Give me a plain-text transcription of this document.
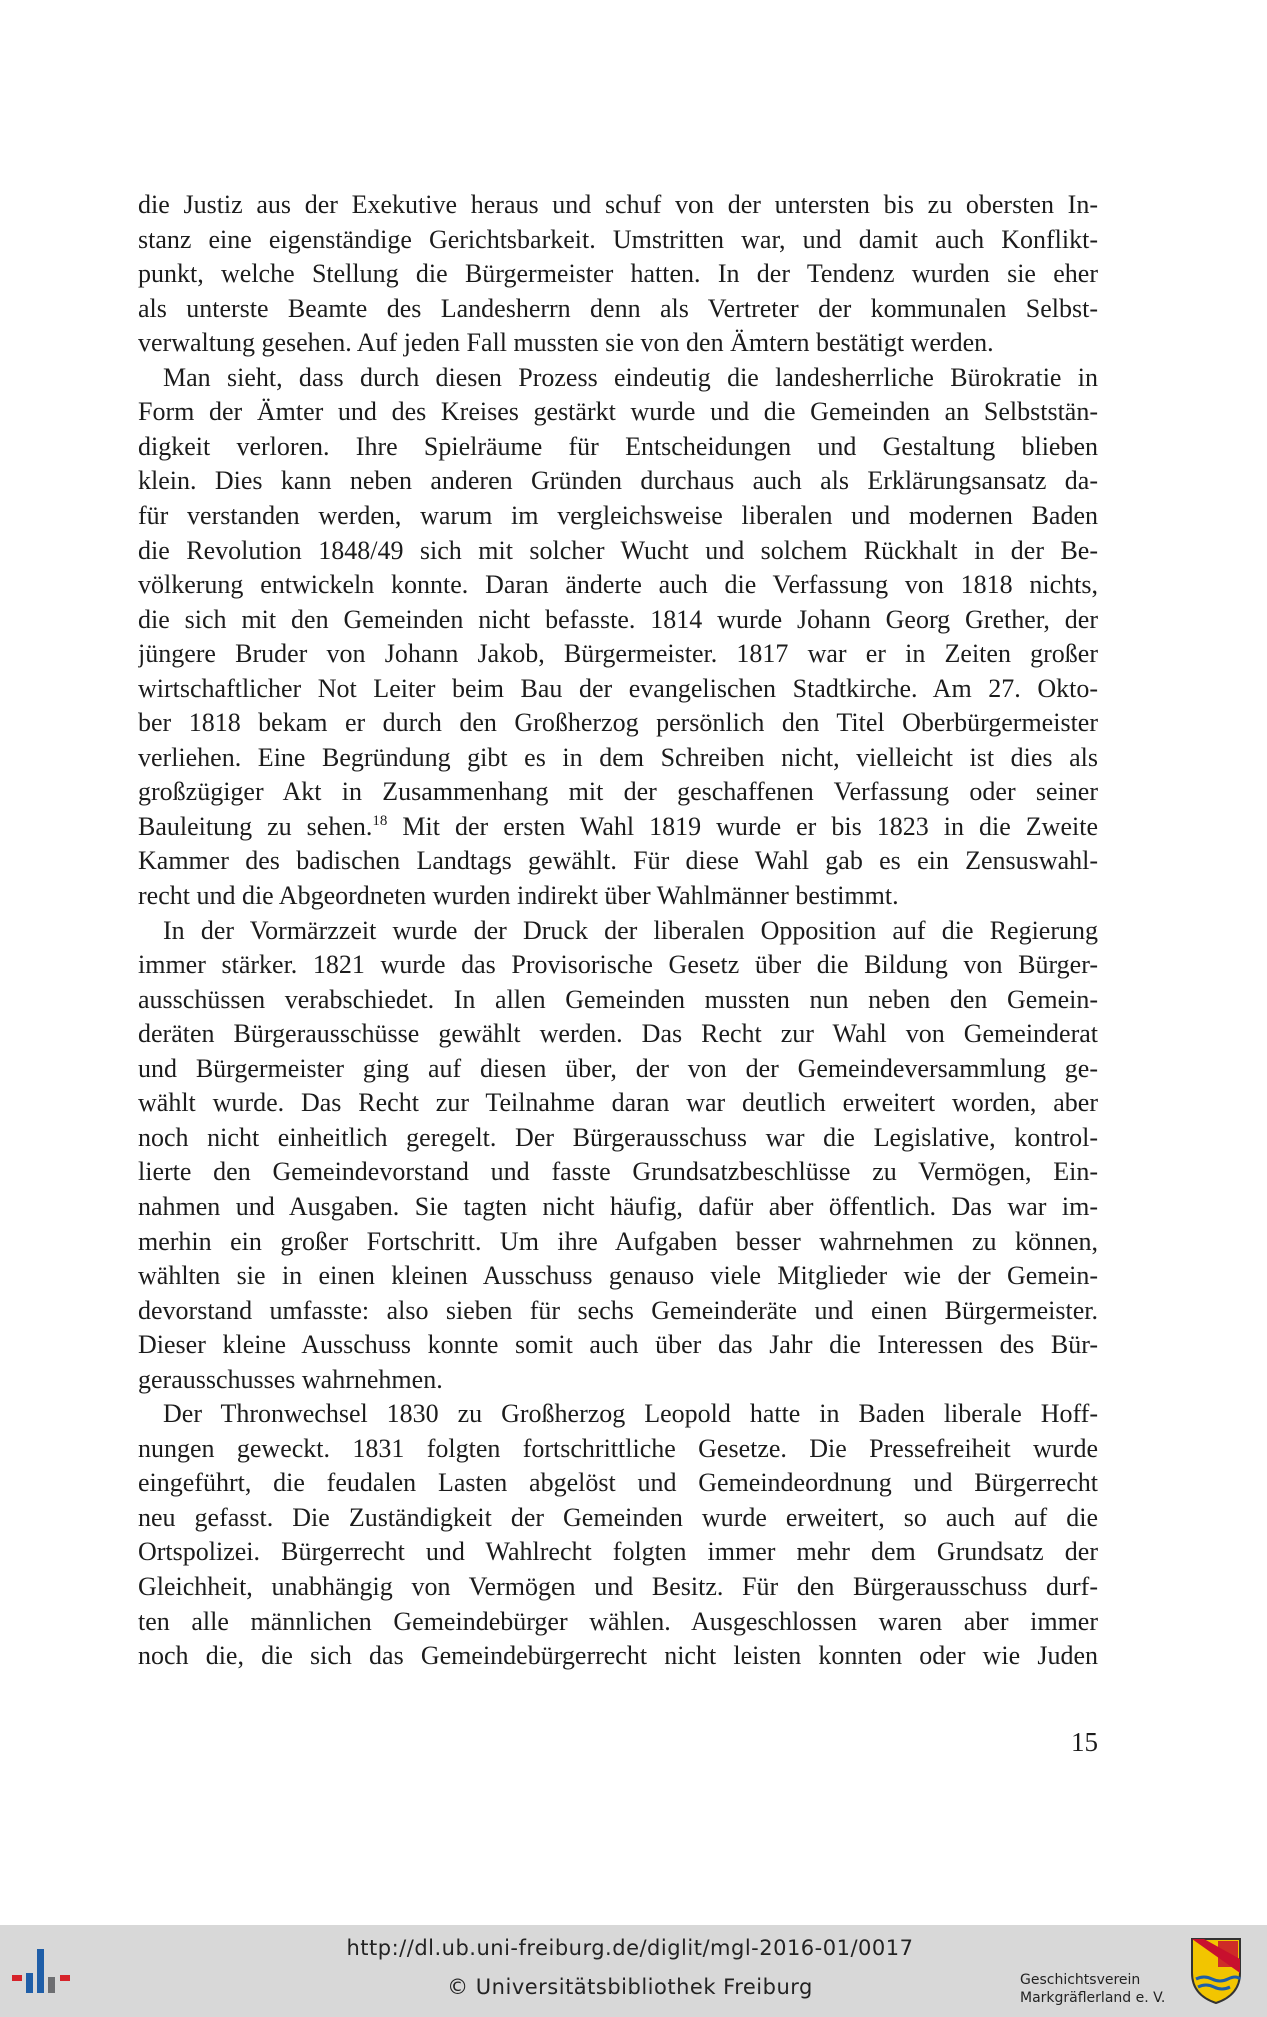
die Justiz aus der Exekutive heraus und schuf von der untersten bis zu obersten In-
stanz eine eigenständige Gerichtsbarkeit. Umstritten war, und damit auch Konflikt-
punkt, welche Stellung die Bürgermeister hatten. In der Tendenz wurden sie eher
als unterste Beamte des Landesherrn denn als Vertreter der kommunalen Selbst-
verwaltung gesehen. Auf jeden Fall mussten sie von den Ämtern bestätigt werden.
Man sieht, dass durch diesen Prozess eindeutig die landesherrliche Bürokratie in
Form der Ämter und des Kreises gestärkt wurde und die Gemeinden an Selbststän-
digkeit verloren. Ihre Spielräume für Entscheidungen und Gestaltung blieben
klein. Dies kann neben anderen Gründen durchaus auch als Erklärungsansatz da-
für verstanden werden, warum im vergleichsweise liberalen und modernen Baden
die Revolution 1848/49 sich mit solcher Wucht und solchem Rückhalt in der Be-
völkerung entwickeln konnte. Daran änderte auch die Verfassung von 1818 nichts,
die sich mit den Gemeinden nicht befasste. 1814 wurde Johann Georg Grether, der
jüngere Bruder von Johann Jakob, Bürgermeister. 1817 war er in Zeiten großer
wirtschaftlicher Not Leiter beim Bau der evangelischen Stadtkirche. Am 27. Okto-
ber 1818 bekam er durch den Großherzog persönlich den Titel Oberbürgermeister
verliehen. Eine Begründung gibt es in dem Schreiben nicht, vielleicht ist dies als
großzügiger Akt in Zusammenhang mit der geschaffenen Verfassung oder seiner
Bauleitung zu sehen.$^{18}$ Mit der ersten Wahl 1819 wurde er bis 1823 in die Zweite
Kammer des badischen Landtags gewählt. Für diese Wahl gab es ein Zensuswahl-
recht und die Abgeordneten wurden indirekt über Wahlmänner bestimmt.
In der Vormärzzeit wurde der Druck der liberalen Opposition auf die Regierung
immer stärker. 1821 wurde das Provisorische Gesetz über die Bildung von Bürger-
ausschüssen verabschiedet. In allen Gemeinden mussten nun neben den Gemein-
deräten Bürgerausschüsse gewählt werden. Das Recht zur Wahl von Gemeinderat
und Bürgermeister ging auf diesen über, der von der Gemeindeversammlung ge-
wählt wurde. Das Recht zur Teilnahme daran war deutlich erweitert worden, aber
noch nicht einheitlich geregelt. Der Bürgerausschuss war die Legislative, kontrol-
lierte den Gemeindevorstand und fasste Grundsatzbeschlüsse zu Vermögen, Ein-
nahmen und Ausgaben. Sie tagten nicht häufig, dafür aber öffentlich. Das war im-
merhin ein großer Fortschritt. Um ihre Aufgaben besser wahrnehmen zu können,
wählten sie in einen kleinen Ausschuss genauso viele Mitglieder wie der Gemein-
devorstand umfasste: also sieben für sechs Gemeinderäte und einen Bürgermeister.
Dieser kleine Ausschuss konnte somit auch über das Jahr die Interessen des Bür-
gerausschusses wahrnehmen.
Der Thronwechsel 1830 zu Großherzog Leopold hatte in Baden liberale Hoff-
nungen geweckt. 1831 folgten fortschrittliche Gesetze. Die Pressefreiheit wurde
eingeführt, die feudalen Lasten abgelöst und Gemeindeordnung und Bürgerrecht
neu gefasst. Die Zuständigkeit der Gemeinden wurde erweitert, so auch auf die
Ortspolizei. Bürgerrecht und Wahlrecht folgten immer mehr dem Grundsatz der
Gleichheit, unabhängig von Vermögen und Besitz. Für den Bürgerausschuss durf-
ten alle männlichen Gemeindebürger wählen. Ausgeschlossen waren aber immer
noch die, die sich das Gemeindebürgerrecht nicht leisten konnten oder wie Juden
15
http://dl.ub.uni-freiburg.de/diglit/mgl-2016-01/0017
© Universitätsbibliothek Freiburg	Geschichtsverein
Markgräflerland e. V.
